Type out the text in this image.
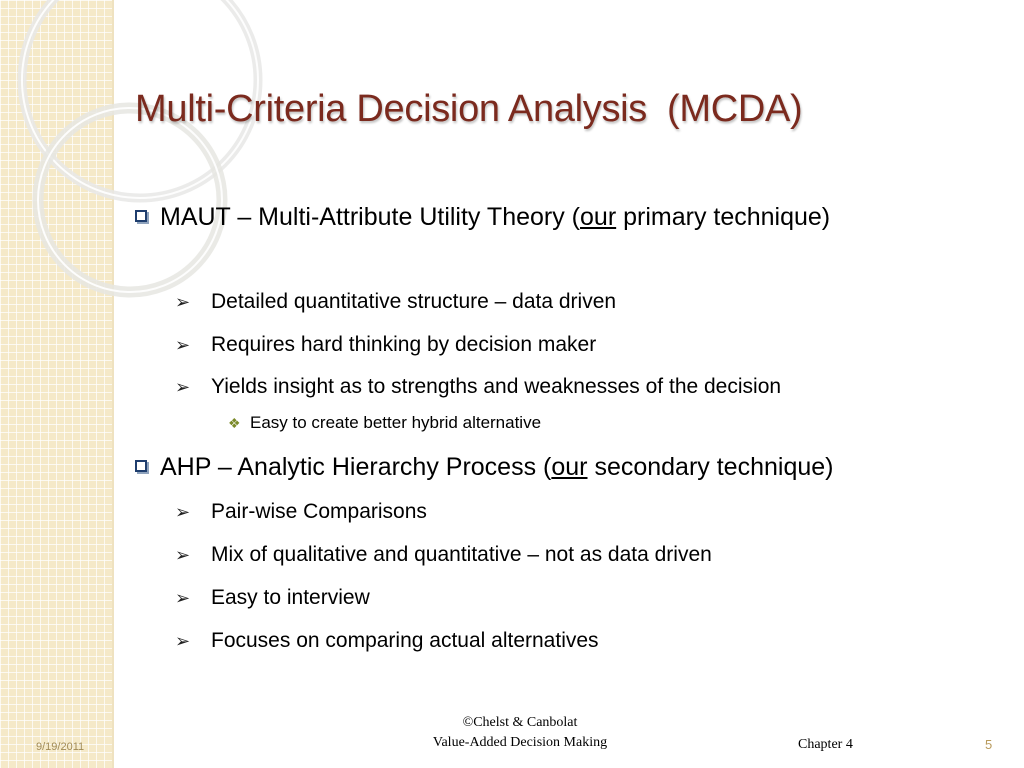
Multi-Criteria Decision Analysis (MCDA)
MAUT – Multi-Attribute Utility Theory (our primary technique)
➢ Detailed quantitative structure – data driven
➢ Requires hard thinking by decision maker
➢ Yields insight as to strengths and weaknesses of the decision
❖ Easy to create better hybrid alternative
AHP – Analytic Hierarchy Process (our secondary technique)
➢ Pair-wise Comparisons
➢ Mix of qualitative and quantitative – not as data driven
➢ Easy to interview
➢ Focuses on comparing actual alternatives
©Chelst & Canbolat
Value-Added Decision Making
9/19/2011	Chapter 4	5
